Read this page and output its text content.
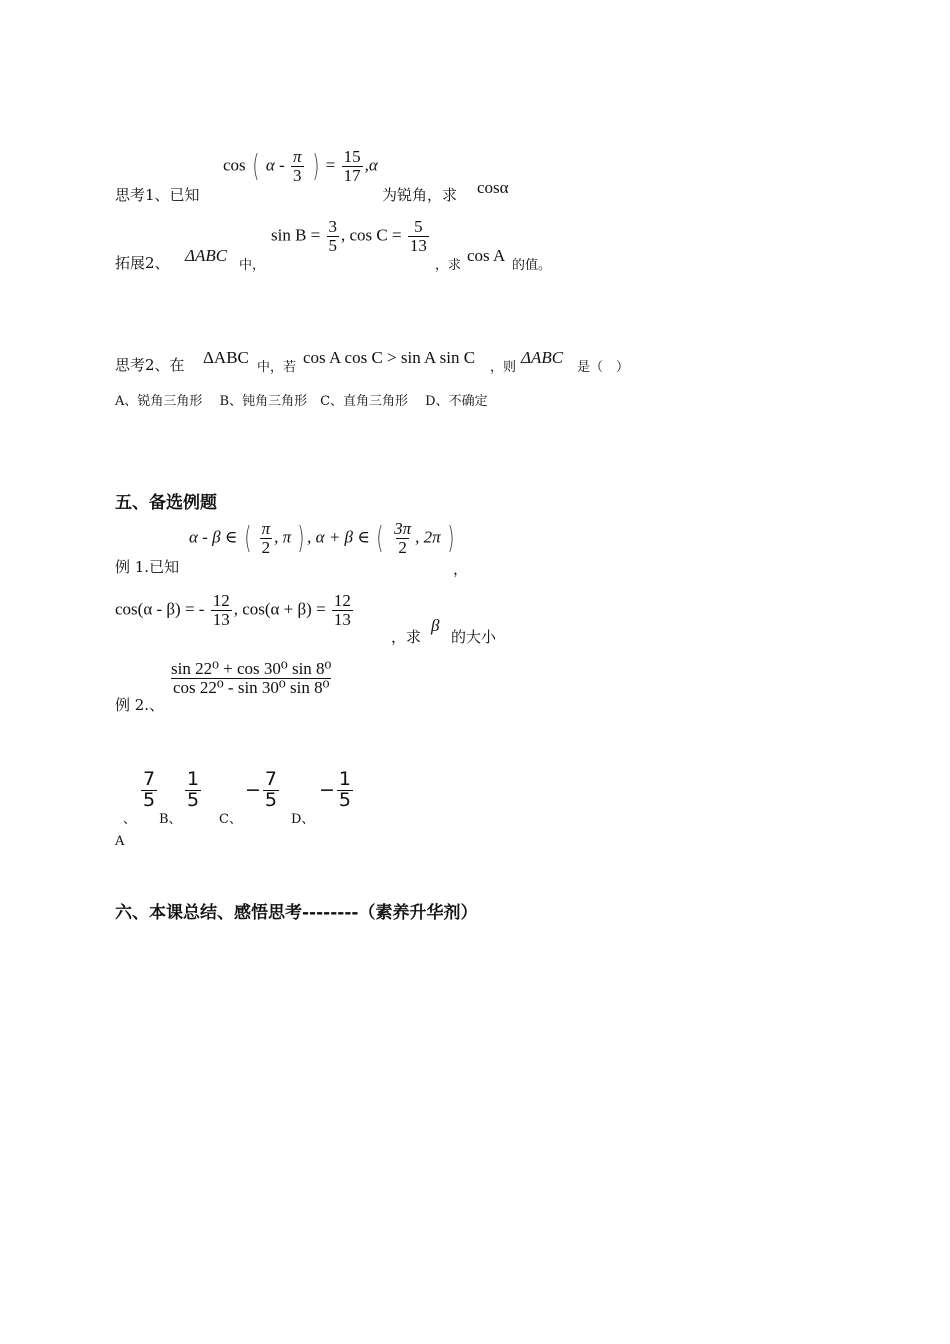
思考1、已知
cos ( α - $\frac{\pi}{3}$ ) = $\frac{15}{17} ,\alpha$
为锐角，求 cosα
拓展2、 ΔABC
中，
$\sin B = \frac{3}{5}$ , $\cos C = \frac{5}{13}$
，求
cos A
的值。
思考2、在 ΔABC
中，若
cos A cos C > sin A sin C
，则
ΔABC
是（　）
A、锐角三角形　 B、钝角三角形　C、直角三角形　 D、不确定
五、备选例题
例 1.已知
α - β ∈ ( $\frac{\pi}{2}$ , π ) , α + β ∈ ( $\frac{3\pi}{2}$ , 2π )
，
cos(α - β) = - $\frac{12}{13}$ , $\cos(\alpha + \beta) = \frac{12}{13}$
，求
β
的大小
例 2.、
$\frac{\text{sin 22⁰ + cos 30⁰ sin 8⁰}}{\text{cos 22⁰ - sin 30⁰ sin 8⁰}}$
、
$\frac{7}{5}$
B、
$\frac{1}{5}$
C、
− $\frac{7}{5}$
D、
− $\frac{1}{5}$
A
六、本课总结、感悟思考--------（素养升华剂）
